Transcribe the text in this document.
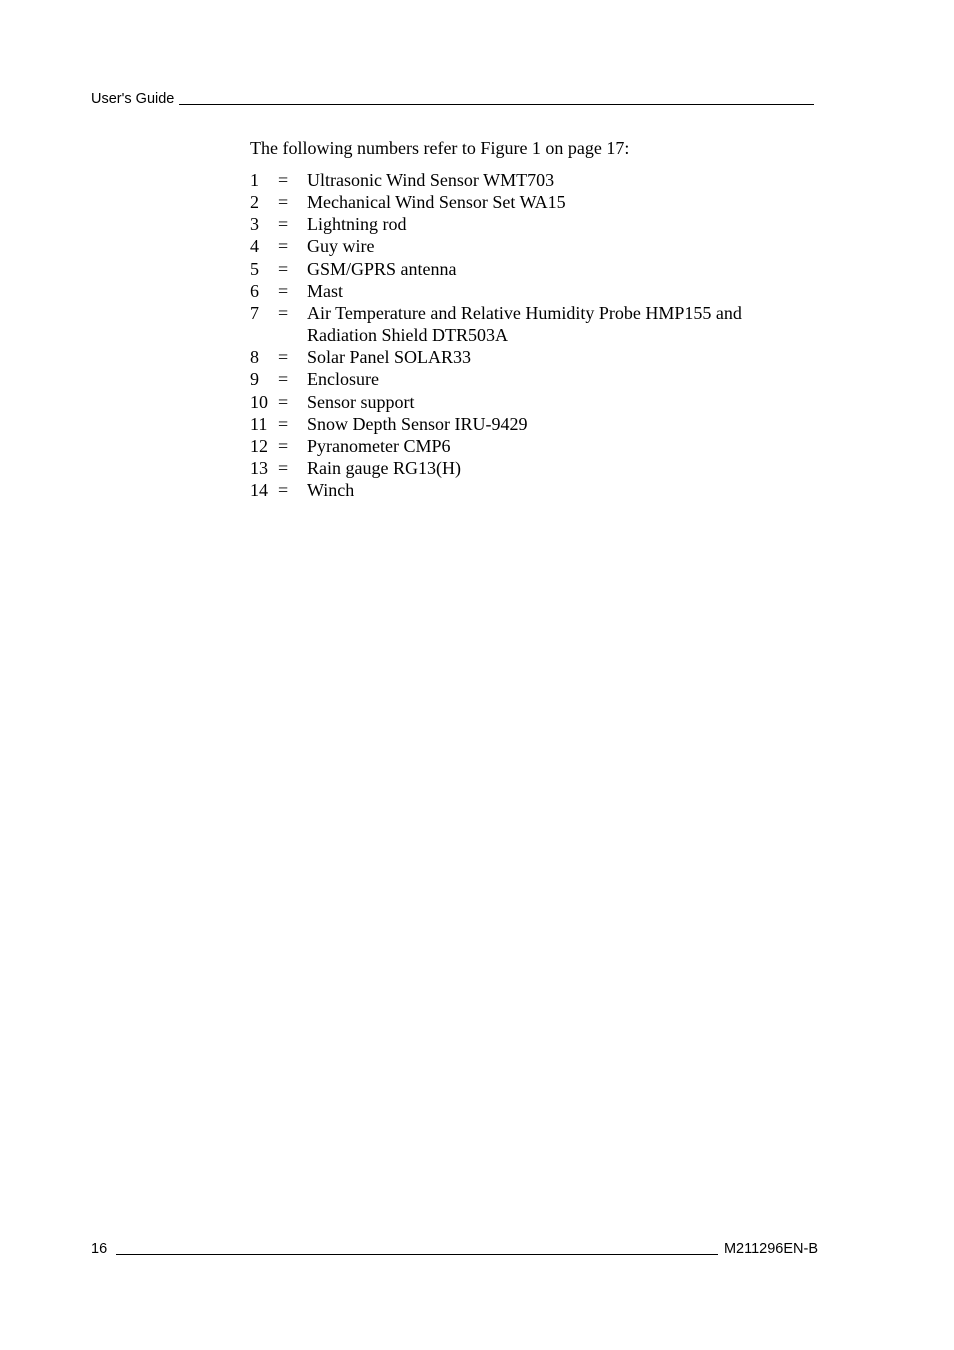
User's Guide

The following numbers refer to Figure 1 on page 17:

1	=	Ultrasonic Wind Sensor WMT703
2	=	Mechanical Wind Sensor Set WA15
3	=	Lightning rod
4	=	Guy wire
5	=	GSM/GPRS antenna
6	=	Mast
7	=	Air Temperature and Relative Humidity Probe HMP155 and Radiation Shield DTR503A
8	=	Solar Panel SOLAR33
9	=	Enclosure
10 =	Sensor support
11 =	Snow Depth Sensor IRU-9429
12 =	Pyranometer CMP6
13 =	Rain gauge RG13(H)
14 =	Winch
16	M211296EN-B
